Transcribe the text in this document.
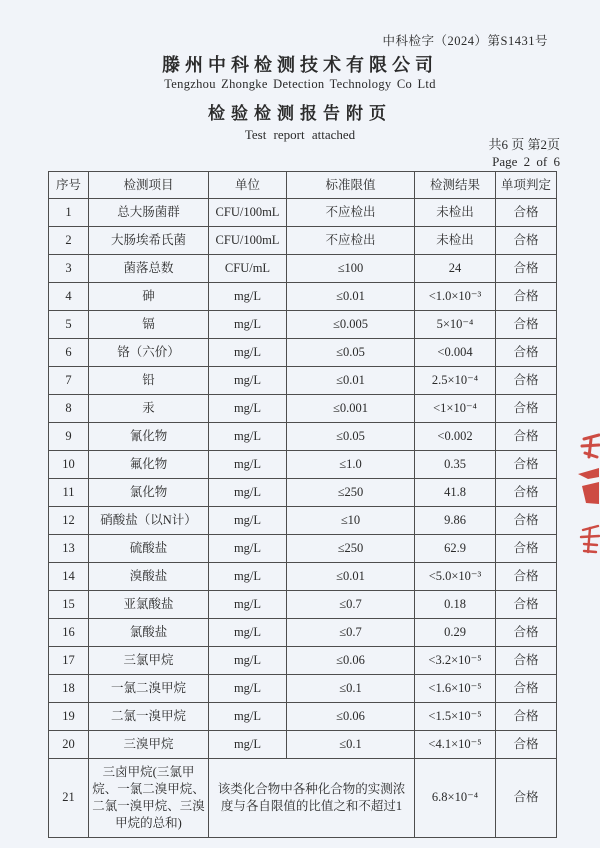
中科检字（2024）第S1431号
滕州中科检测技术有限公司
Tengzhou Zhongke Detection Technology Co Ltd
检验检测报告附页
Test report attached
共6 页 第2页
Page 2 of 6
序号	检测项目	单位	标准限值	检测结果	单项判定
1	总大肠菌群	CFU/100mL	不应检出	未检出	合格
2	大肠埃希氏菌	CFU/100mL	不应检出	未检出	合格
3	菌落总数	CFU/mL	≤100	24	合格
4	砷	mg/L	≤0.01	<1.0×10⁻³	合格
5	镉	mg/L	≤0.005	5×10⁻⁴	合格
6	铬（六价）	mg/L	≤0.05	<0.004	合格
7	铅	mg/L	≤0.01	2.5×10⁻⁴	合格
8	汞	mg/L	≤0.001	<1×10⁻⁴	合格
9	氰化物	mg/L	≤0.05	<0.002	合格
10	氟化物	mg/L	≤1.0	0.35	合格
11	氯化物	mg/L	≤250	41.8	合格
12	硝酸盐（以N计）	mg/L	≤10	9.86	合格
13	硫酸盐	mg/L	≤250	62.9	合格
14	溴酸盐	mg/L	≤0.01	<5.0×10⁻³	合格
15	亚氯酸盐	mg/L	≤0.7	0.18	合格
16	氯酸盐	mg/L	≤0.7	0.29	合格
17	三氯甲烷	mg/L	≤0.06	<3.2×10⁻⁵	合格
18	一氯二溴甲烷	mg/L	≤0.1	<1.6×10⁻⁵	合格
19	二氯一溴甲烷	mg/L	≤0.06	<1.5×10⁻⁵	合格
20	三溴甲烷	mg/L	≤0.1	<4.1×10⁻⁵	合格
21	三卤甲烷(三氯甲烷、一氯二溴甲烷、二氯一溴甲烷、三溴甲烷的总和)	该类化合物中各种化合物的实测浓度与各自限值的比值之和不超过1		6.8×10⁻⁴	合格
